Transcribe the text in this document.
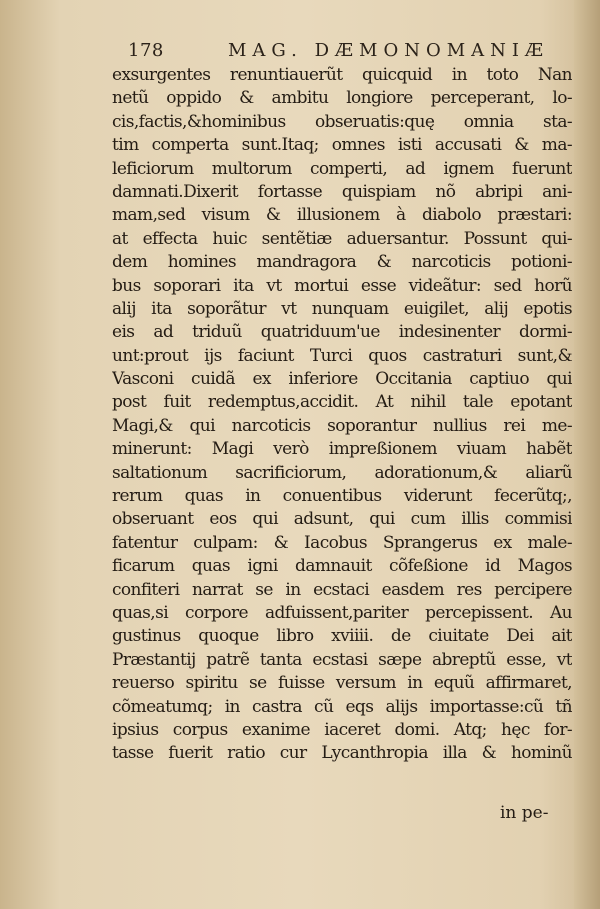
178	MAG. DÆMONOMANIÆ
exsurgentes renuntiauerũt quicquid in toto Nan
netũ oppido & ambitu longiore perceperant, lo-
cis,factis,&hominibus obseruatis:quę omnia sta-
tim comperta sunt.Itaq; omnes isti accusati & ma-
leficiorum multorum comperti, ad ignem fuerunt
damnati.Dixerit fortasse quispiam nõ abripi ani-
mam,sed visum & illusionem à diabolo præstari:
at effecta huic sentẽtiæ aduersantur. Possunt qui-
dem homines mandragora & narcoticis potioni-
bus soporari ita vt mortui esse videãtur: sed horũ
alij ita soporãtur vt nunquam euigilet, alij epotis
eis ad triduũ quatriduum'ue indesinenter dormi-
unt:prout ijs faciunt Turci quos castraturi sunt,&
Vasconi cuidã ex inferiore Occitania captiuo qui
post fuit redemptus,accidit. At nihil tale epotant
Magi,& qui narcoticis soporantur nullius rei me-
minerunt: Magi verò impreßionem viuam habẽt
saltationum sacrificiorum, adorationum,& aliarũ
rerum quas in conuentibus viderunt fecerũtq;,
obseruant eos qui adsunt, qui cum illis commisi
fatentur culpam: & Iacobus Sprangerus ex male-
ficarum quas igni damnauit cõfeßione id Magos
confiteri narrat se in ecstaci easdem res percipere
quas,si corpore adfuissent,pariter percepissent. Au
gustinus quoque libro xviiii. de ciuitate Dei ait
Præstantij patrẽ tanta ecstasi sæpe abreptũ esse, vt
reuerso spiritu se fuisse versum in equũ affirmaret,
cõmeatumq; in castra cũ eqs alijs importasse:cũ tñ
ipsius corpus exanime iaceret domi. Atq; hęc for-
tasse fuerit ratio cur Lycanthropia illa & hominũ
in pe-
